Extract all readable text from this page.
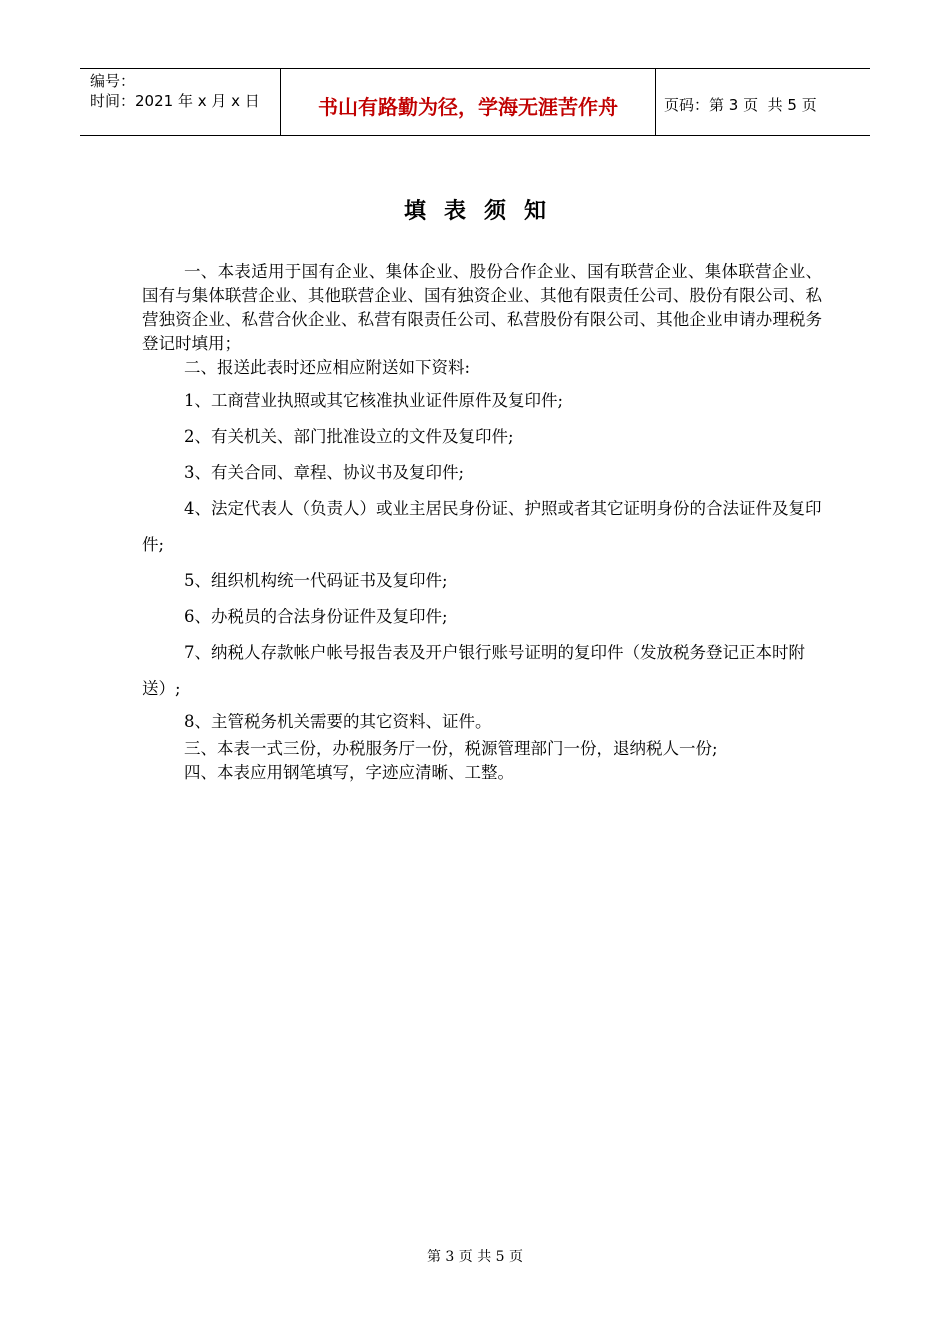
编号：
时间：2021 年 x 月 x 日	书山有路勤为径，学海无涯苦作舟	页码：第 3 页  共 5 页
填表须知

一、本表适用于国有企业、集体企业、股份合作企业、国有联营企业、集体联营企业、国有与集体联营企业、其他联营企业、国有独资企业、其他有限责任公司、股份有限公司、私营独资企业、私营合伙企业、私营有限责任公司、私营股份有限公司、其他企业申请办理税务登记时填用；

二、报送此表时还应相应附送如下资料:

1、工商营业执照或其它核准执业证件原件及复印件;

2、有关机关、部门批准设立的文件及复印件;

3、有关合同、章程、协议书及复印件;

4、法定代表人（负责人）或业主居民身份证、护照或者其它证明身份的合法证件及复印件;

5、组织机构统一代码证书及复印件;

6、办税员的合法身份证件及复印件;

7、纳税人存款帐户帐号报告表及开户银行账号证明的复印件（发放税务登记正本时附送）;

8、主管税务机关需要的其它资料、证件。

三、本表一式三份，办税服务厅一份，税源管理部门一份，退纳税人一份;

四、本表应用钢笔填写，字迹应清晰、工整。

第 3 页 共 5 页
